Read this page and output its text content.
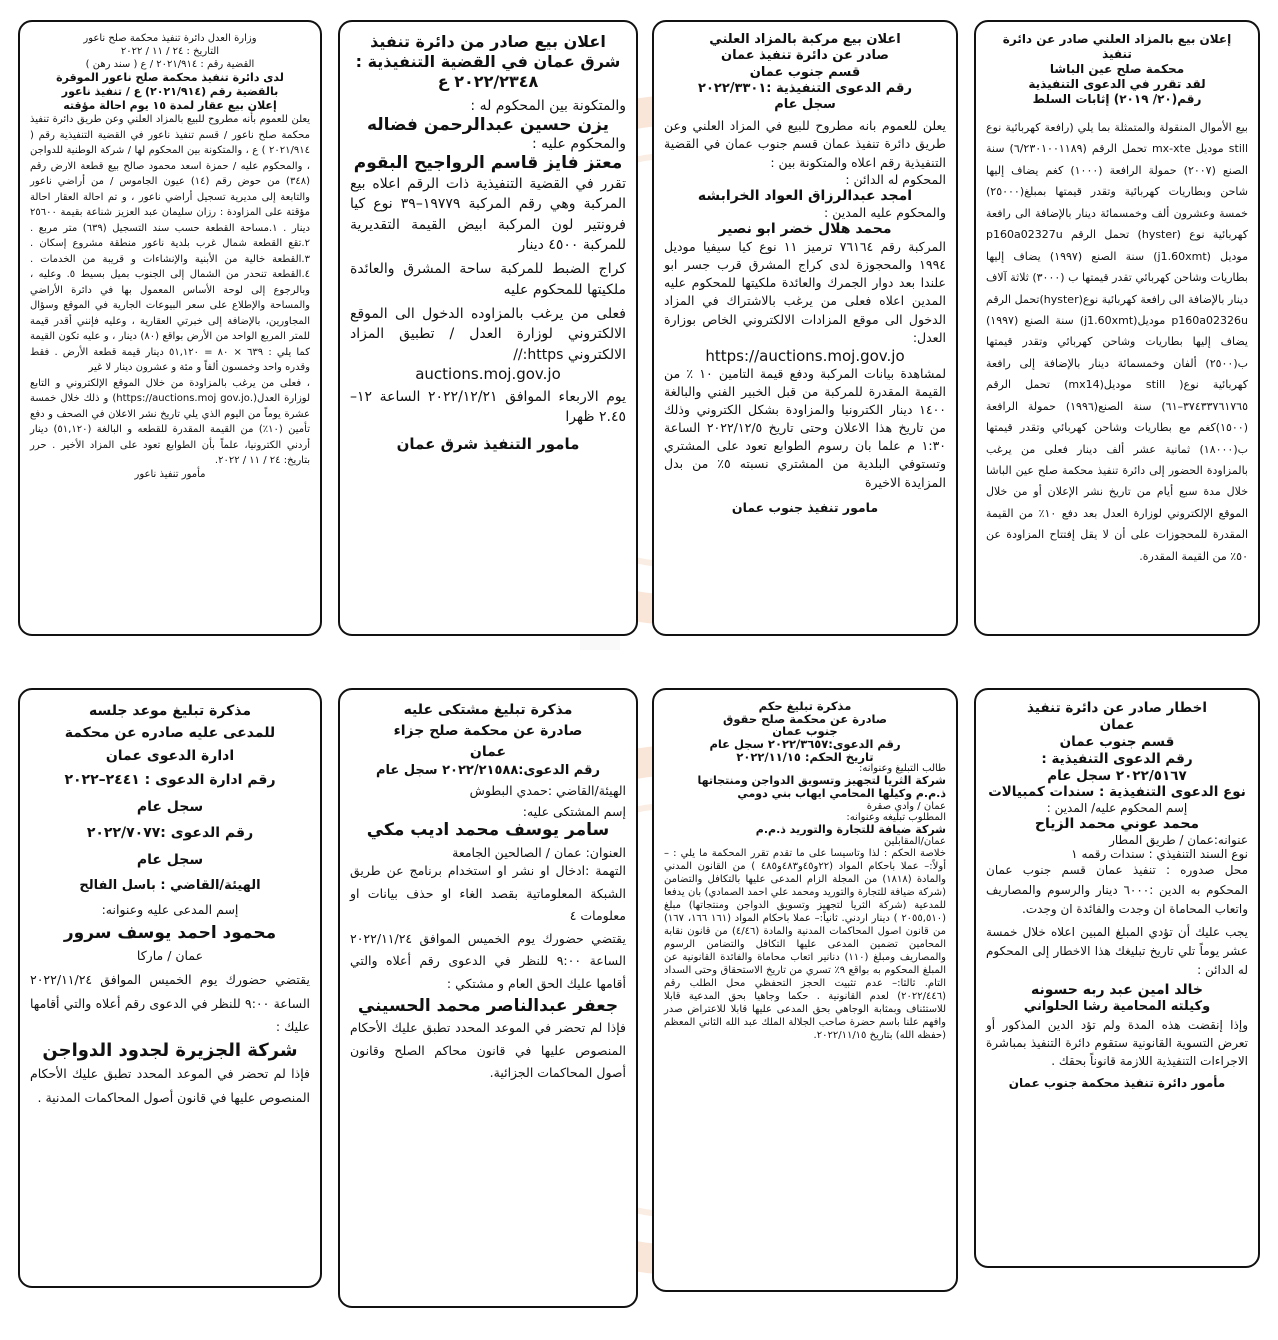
إعلان بيع بالمزاد العلني صادر عن دائرة تنفيذ
محكمة صلح عين الباشا
لقد تقرر في الدعوى التنفيذية
رقم(٢٠/ ٢٠١٩) إثابات السلط

بيع الأموال المنقولة والمتمثلة بما يلي (رافعة كهربائية نوع still موديل mx-xte تحمل الرقم (٦/٢٣٠١٠٠١١٨٩) سنة الصنع (٢٠٠٧) حمولة الرافعة (١٠٠٠) كغم يضاف إليها شاحن وبطاريات كهربائية وتقدر قيمتها بمبلغ(٢٥٠٠٠) خمسة وعشرون ألف وخمسمائة دينار بالإضافة الى رافعة كهربائية نوع (hyster) تحمل الرقم p160a02327u موديل (j1.60xmt) سنة الصنع (١٩٩٧) يضاف إليها بطاريات وشاحن كهربائي تقدر قيمتها ب (٣٠٠٠) ثلاثة آلاف دينار بالإضافة الى رافعة كهربائية نوع(hyster)تحمل الرقم p160a02326u موديل(j1.60xmt) سنة الصنع (١٩٩٧) يضاف إليها بطاريات وشاحن كهربائي وتقدر قيمتها ب(٢٥٠٠) ألفان وخمسمائة دينار بالإضافة إلى رافعة كهربائية نوع( still موديل(mx14) تحمل الرقم ٣٧٤٣٣٧٦١٧٦٥–٦١) سنة الصنع(١٩٩٦) حمولة الرافعة (١٥٠٠)كغم مع بطاريات وشاحن كهربائي وتقدر قيمتها ب(١٨٠٠٠) ثمانية عشر ألف دينار فعلى من يرغب بالمزاودة الحضور إلى دائرة تنفيذ محكمة صلح عين الباشا خلال مدة سبع أيام من تاريخ نشر الإعلان أو من خلال الموقع الإلكتروني لوزارة العدل بعد دفع ١٠٪ من القيمة المقدرة للمحجوزات على أن لا يقل إفتتاح المزاودة عن ٥٠٪ من القيمة المقدرة.

اعلان بيع مركبة بالمزاد العلني
صادر عن دائرة تنفيذ عمان
قسم جنوب عمان
رقم الدعوى التنفيذية :٢٠٢٢/٣٣٠١
سجل عام

يعلن للعموم بانه مطروح للبيع في المزاد العلني وعن طريق دائرة تنفيذ عمان قسم جنوب عمان في القضية التنفيذية رقم اعلاه والمتكونة بين :

المحكوم له الدائن :

امجد عبدالرزاق العواد الخرابشه

والمحكوم عليه المدين :

محمد هلال خضر ابو نصير

المركبة رقم ٧٦١٦٤ ترميز ١١ نوع كيا سيفيا موديل ١٩٩٤ والمحجوزة لدى كراج المشرق قرب جسر ابو علندا بعد دوار الجمرك والعائدة ملكيتها للمحكوم عليه المدين اعلاه فعلى من يرغب بالاشتراك في المزاد الدخول الى موقع المزادات الالكتروني الخاص بوزارة العدل:

https://auctions.moj.gov.jo

لمشاهدة بيانات المركبة ودفع قيمة التامين ١٠ ٪ من القيمة المقدرة للمركبة من قبل الخبير الفني والبالغة ١٤٠٠ دينار الكترونيا والمزاودة بشكل الكتروني وذلك من تاريخ هذا الاعلان وحتى تاريخ ٢٠٢٢/١٢/٥ الساعة ١:٣٠ م علما بان رسوم الطوابع تعود على المشتري وتستوفي البلدية من المشتري نسبته ٥٪ من بدل المزايدة الاخيرة

مامور تنفيذ جنوب عمان

اعلان بيع صادر من دائرة تنفيذ
شرق عمان في القضية التنفيذية :
٢٠٢٢/٢٣٤٨ ع

والمتكونة بين المحكوم له :

يزن حسين عبدالرحمن فضاله

والمحكوم عليه :

معتز فايز قاسم الرواجيح البقوم

تقرر في القضية التنفيذية ذات الرقم اعلاه بيع المركبة وهي رقم المركبة ١٩٧٧٩–٣٩ نوع كيا فرونتير لون المركبة ابيض القيمة التقديرية للمركبة ٤٥٠٠ دينار

كراج الضبط للمركبة ساحة المشرق والعائدة ملكيتها للمحكوم عليه

فعلى من يرغب بالمزاوده الدخول الى الموقع الالكتروني لوزارة العدل / تطبيق المزاد الالكتروني https://

auctions.moj.gov.jo

يوم الاربعاء الموافق ٢٠٢٢/١٢/٢١ الساعة ١٢–٢.٤٥ ظهرا

مامور التنفيذ شرق عمان

وزارة العدل دائرة تنفيذ محكمة صلح ناعور
التاريخ : ٢٤ / ١١ / ٢٠٢٢
القضية رقم : ٢٠٢١/٩١٤ / ع ( سند رهن )

لدى دائرة تنفيذ محكمة صلح ناعور الموقرة
بالقضية رقم (٢٠٢١/٩١٤) ع / تنفيذ ناعور
إعلان بيع عقار لمدة ١٥ يوم احالة مؤقته

يعلن للعموم بأنه مطروح للبيع بالمزاد العلني وعن طريق دائرة تنفيذ محكمة صلح ناعور / قسم تنفيذ ناعور في القضية التنفيذية رقم ( ٢٠٢١/٩١٤ ) ع ، والمتكونة بين المحكوم لها / شركة الوطنية للدواجن ، والمحكوم عليه / حمزة اسعد محمود صالح بيع قطعة الارض رقم (٣٤٨) من حوض رقم (١٤) عيون الجاموس / من أراضي ناعور والتابعة إلى مديرية تسجيل أراضي ناعور ، و تم احالة العقار احالة مؤقتة على المزاودة : رزان سليمان عبد العزيز شناعة بقيمة ٢٥٦٠٠ دينار . ١.مساحة القطعة حسب سند التسجيل (٦٣٩) متر مربع . ٢.تقع القطعة شمال غرب بلدية ناعور منطقة مشروع إسكان . ٣.القطعة خالية من الأبنية والإنشاءات و قريبة من الخدمات . ٤.القطعة تنحدر من الشمال إلى الجنوب بميل بسيط ٥. وعليه ، وبالرجوع إلى لوحة الأساس المعمول بها في دائرة الأراضي والمساحة والإطلاع على سعر البيوعات الجارية في الموقع وسؤال المجاورين، بالإضافة إلى خبرتي العقارية ، وعليه فإنني أقدر قيمة للمتر المربع الواحد من الأرض بواقع (٨٠) دينار ، و عليه تكون القيمة كما يلي : ٦٣٩ × ٨٠ = ٥١,١٢٠ دينار قيمة قطعة الأرض . فقط وقدره واحد وخمسون ألفاً و مئة و عشرون دينار لا غير

، فعلى من يرغب بالمزاودة من خلال الموقع الإلكتروني و التابع لوزارة العدل(.https://auctions.moj gov.jo) و ذلك خلال خمسة عشرة يوماً من اليوم الذي يلي تاريخ نشر الاعلان في الصحف و دفع تأمين (١٠٪) من القيمة المقدرة للقطعه و البالغة (٥١,١٢٠) دينار أردني الكترونيا، علماً بأن الطوابع تعود على المزاد الأخير . حرر بتاريخ: ٢٤ / ١١ / ٢٠٢٢.

مأمور تنفيذ ناعور

اخطار صادر عن دائرة تنفيذ
عمان
قسم جنوب عمان
رقم الدعوى التنفيذية :
٢٠٢٢/٥١٦٧ سجل عام
نوع الدعوى التنفيذية : سندات كمبيالات

إسم المحكوم عليه/ المدين :

محمد عوني محمد الزياح

عنوانه:عمان / طريق المطار

نوع السند التنفيذي : سندات رقمه ١

محل صدوره : تنفيذ عمان قسم جنوب عمان المحكوم به الدين :٦٠٠٠ دينار والرسوم والمصاريف واتعاب المحاماة ان وجدت والفائدة ان وجدت.

يجب عليك أن تؤدي المبلغ المبين اعلاه خلال خمسة عشر يوماً تلي تاريخ تبليغك هذا الاخطار إلى المحكوم له الدائن :

خالد امين عبد ربه حسونه

وكيلته المحامية رشا الحلواني

وإذا إنقضت هذه المدة ولم تؤد الدين المذكور أو تعرض التسوية القانونية ستقوم دائرة التنفيذ بمباشرة الاجراءات التنفيذية اللازمة قانوناً بحقك .

مأمور دائرة تنفيذ محكمة جنوب عمان

مذكرة تبليغ حكم
صادرة عن محكمة صلح حقوق
جنوب عمان
رقم الدعوى:٢٠٢٢/٣٦٥٧ سجل عام
تاريخ الحكم: ٢٠٢٢/١١/١٥

طالب التبليغ وعنوانه:

شركة الثريا لتجهيز وتسويق الدواجن ومنتجاتها ذ.م.م وكيلها المحامي ايهاب بني دومي

عمان / وادي صقرة

المطلوب تبليغه وعنوانه:

شركة ضيافة للتجارة والتوريد ذ.م.م

عمان/المقابلين

خلاصة الحكم : لذا وتاسيسا على ما تقدم تقرر المحكمة ما يلي : – أولاً:– عملا باحكام المواد (٢٢و٤٥و٤٨٣و٤٨٥ ) من القانون المدني والمادة (١٨١٨) من المجلة الزام المدعى عليها بالتكافل والتضامن (شركة ضيافة للتجارة والتوريد ومحمد علي احمد الصمادي) بان يدفعا للمدعية (شركة الثريا لتجهيز وتسويق الدواجن ومنتجاتها) مبلغ (٢٠٥٥,٥١٠ ) دينار اردني. ثانياً:– عملا باحكام المواد (١٦١ ١٦٦، ١٦٧) من قانون اصول المحاكمات المدنية والمادة (٤/٤٦) من قانون نقابة المحامين تضمين المدعى عليها التكافل والتضامن الرسوم والمصاريف ومبلغ (١١٠) دنانير اتعاب محاماة والفائدة القانونية عن المبلغ المحكوم به بواقع ٩٪ تسري من تاريخ الاستحقاق وحتى السداد التام. ثالثا:– عدم تثبيت الحجز التحفظي محل الطلب رقم (٢٠٢٢/٤٤٦) لعدم القانونية . حكما وجاهيا بحق المدعية قابلا للاستئناف وبمثابة الوجاهي بحق المدعى عليها قابلا للاعتراض صدر وافهم علنا باسم حضرة صاحب الجلالة الملك عبد الله الثاني المعظم (حفظه الله) بتاريخ ٢٠٢٢/١١/١٥.

مذكرة تبليغ مشتكى عليه
صادرة عن محكمة صلح جزاء
عمان

رقم الدعوى:٢٠٢٢/٢١٥٨٨ سجل عام

الهيئة/القاضي :حمدي البطوش

إسم المشتكى عليه:

سامر يوسف محمد اديب مكي

العنوان: عمان / الصالحين الجامعة

التهمة :ادخال او نشر او استخدام برنامج عن طريق الشبكة المعلوماتية بقصد الغاء او حذف بيانات او معلومات ٤

يقتضي حضورك يوم الخميس الموافق ٢٠٢٢/١١/٢٤ الساعة ٩:٠٠ للنظر في الدعوى رقم أعلاه والتي أقامها عليك الحق العام و مشتكي :

جعفر عبدالناصر محمد الحسيني

فإذا لم تحضر في الموعد المحدد تطبق عليك الأحكام المنصوص عليها في قانون محاكم الصلح وقانون أصول المحاكمات الجزائية.

مذكرة تبليغ موعد جلسه
للمدعى عليه صادره عن محكمة
ادارة الدعوى عمان

رقم ادارة الدعوى : ٢٤٤١–٢٠٢٢

سجل عام

رقم الدعوى :٢٠٢٢/٧٠٧٧

سجل عام

الهيئة/القاضي : باسل الفالح

إسم المدعى عليه وعنوانه:

محمود احمد يوسف سرور

عمان / ماركا

يقتضي حضورك يوم الخميس الموافق ٢٠٢٢/١١/٢٤ الساعة ٩:٠٠ للنظر في الدعوى رقم أعلاه والتي أقامها عليك :

شركة الجزيرة لجدود الدواجن

فإذا لم تحضر في الموعد المحدد تطبق عليك الأحكام المنصوص عليها في قانون أصول المحاكمات المدنية .
